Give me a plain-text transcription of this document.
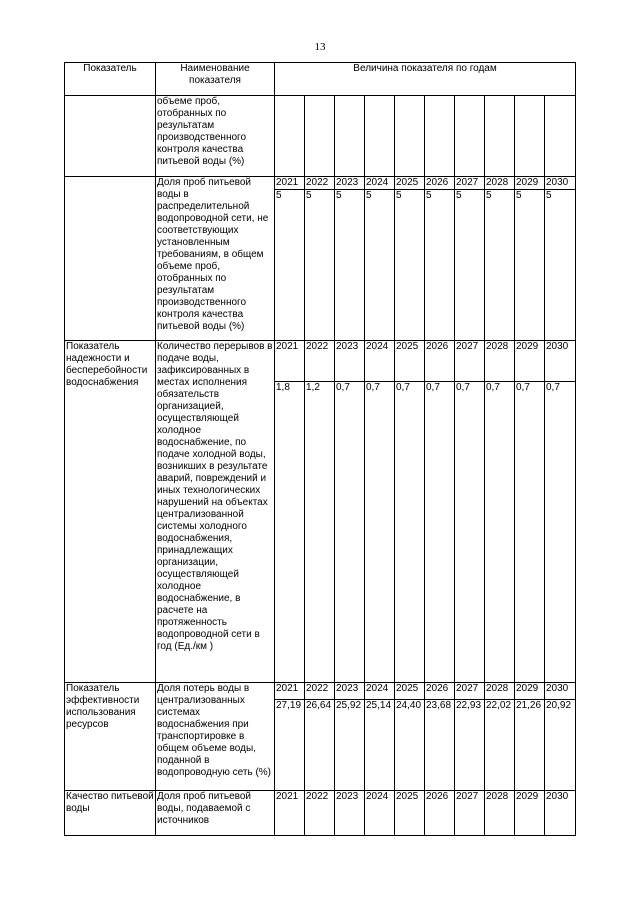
13
Показатель	Наименование показателя	Величина показателя по годам									
	объеме проб, отобранных по результатам производственного контроля качества питьевой воды (%)										
	Доля проб питьевой воды в распределительной водопроводной сети, не соответствующих установленным требованиям, в общем объеме проб, отобранных по результатам производственного контроля качества питьевой воды (%)	2021	2022	2023	2024	2025	2026	2027	2028	2029	2030
		5	5	5	5	5	5	5	5	5	5
Показатель надежности и бесперебойности водоснабжения	Количество перерывов в подаче воды, зафиксированных в местах исполнения обязательств организацией, осуществляющей холодное водоснабжение, по подаче холодной воды, возникших в результате аварий, повреждений и иных технологических нарушений на объектах централизованной системы холодного водоснабжения, принадлежащих организации, осуществляющей холодное водоснабжение, в расчете на протяженность водопроводной сети в год (Ед./км )	2021	2022	2023	2024	2025	2026	2027	2028	2029	2030
		1,8	1,2	0,7	0,7	0,7	0,7	0,7	0,7	0,7	0,7
Показатель эффективности использования ресурсов	Доля потерь воды в централизованных системах водоснабжения при транспортировке в общем объеме воды, поданной в водопроводную сеть (%)	2021	2022	2023	2024	2025	2026	2027	2028	2029	2030
		27,19	26,64	25,92	25,14	24,40	23,68	22,93	22,02	21,26	20,92
Качество питьевой воды	Доля проб питьевой воды, подаваемой с источников	2021	2022	2023	2024	2025	2026	2027	2028	2029	2030
